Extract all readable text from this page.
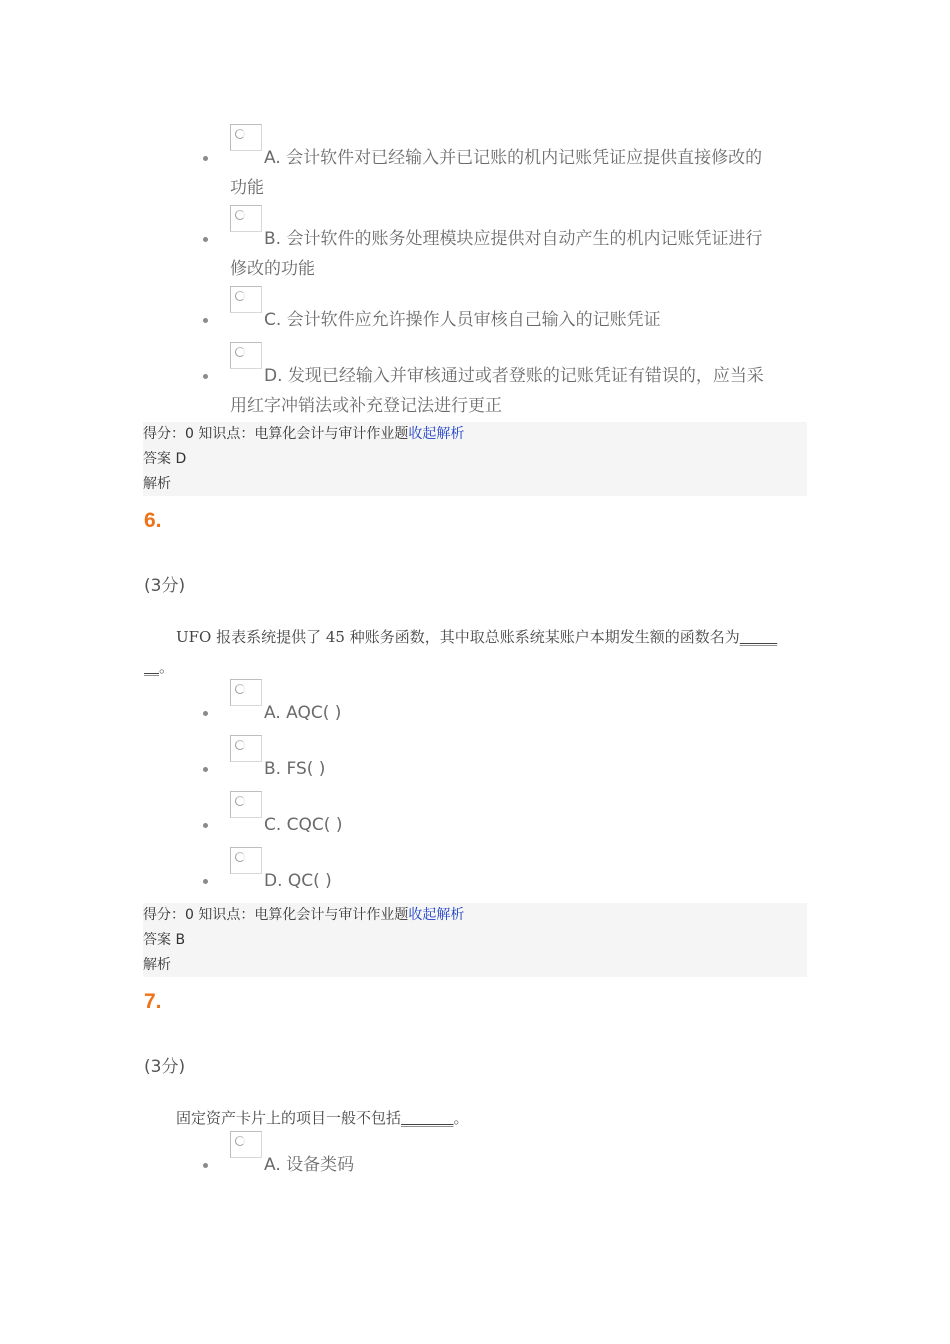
A. 会计软件对已经输入并已记账的机内记账凭证应提供直接修改的
功能
B. 会计软件的账务处理模块应提供对自动产生的机内记账凭证进行
修改的功能
C. 会计软件应允许操作人员审核自己输入的记账凭证
D. 发现已经输入并审核通过或者登账的记账凭证有错误的，应当采
用红字冲销法或补充登记法进行更正
得分：0 知识点：电算化会计与审计作业题收起解析
答案 D
解析
6.
(3分)
UFO 报表系统提供了 45 种账务函数，其中取总账系统某账户本期发生额的函数名为_____
__。
A. AQC( )
B. FS( )
C. CQC( )
D. QC( )
得分：0 知识点：电算化会计与审计作业题收起解析
答案 B
解析
7.
(3分)
固定资产卡片上的项目一般不包括_______。
A. 设备类码
